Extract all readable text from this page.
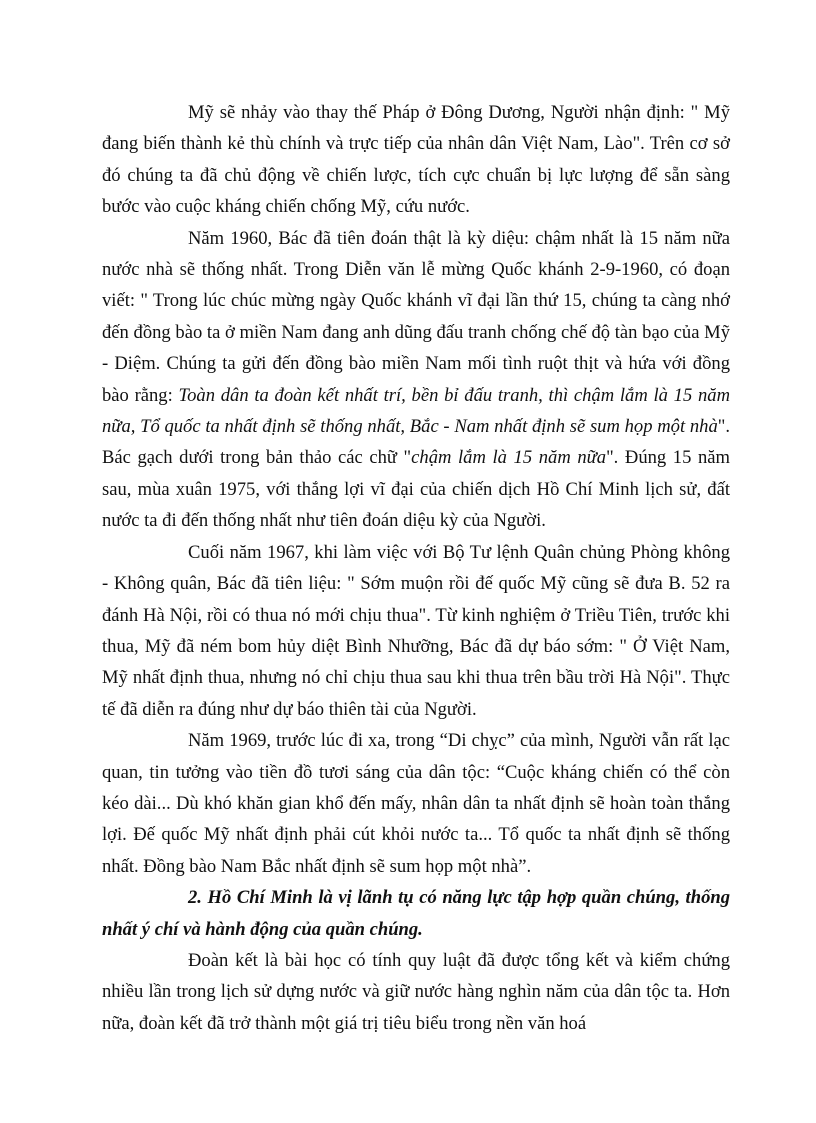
Mỹ sẽ nhảy vào thay thế Pháp ở Đông Dương, Người nhận định: " Mỹ đang biến thành kẻ thù chính và trực tiếp của nhân dân Việt Nam, Lào". Trên cơ sở đó chúng ta đã chủ động về chiến lược, tích cực chuẩn bị lực lượng để sẵn sàng bước vào cuộc kháng chiến chống Mỹ, cứu nước.

Năm 1960, Bác đã tiên đoán thật là kỳ diệu: chậm nhất là 15 năm nữa nước nhà sẽ thống nhất. Trong Diễn văn lễ mừng Quốc khánh 2-9-1960, có đoạn viết: " Trong lúc chúc mừng ngày Quốc khánh vĩ đại lần thứ 15, chúng ta càng nhớ đến đồng bào ta ở miền Nam đang anh dũng đấu tranh chống chế độ tàn bạo của Mỹ - Diệm. Chúng ta gửi đến đồng bào miền Nam mối tình ruột thịt và hứa với đồng bào rằng: Toàn dân ta đoàn kết nhất trí, bền bỉ đấu tranh, thì chậm lắm là 15 năm nữa, Tổ quốc ta nhất định sẽ thống nhất, Bắc - Nam nhất định sẽ sum họp một nhà". Bác gạch dưới trong bản thảo các chữ "chậm lắm là 15 năm nữa". Đúng 15 năm sau, mùa xuân 1975, với thắng lợi vĩ đại của chiến dịch Hồ Chí Minh lịch sử, đất nước ta đi đến thống nhất như tiên đoán diệu kỳ của Người.

Cuối năm 1967, khi làm việc với Bộ Tư lệnh Quân chủng Phòng không - Không quân, Bác đã tiên liệu: " Sớm muộn rồi đế quốc Mỹ cũng sẽ đưa B. 52 ra đánh Hà Nội, rồi có thua nó mới chịu thua". Từ kinh nghiệm ở Triều Tiên, trước khi thua, Mỹ đã ném bom hủy diệt Bình Nhưỡng, Bác đã dự báo sớm: " Ở Việt Nam, Mỹ nhất định thua, nhưng nó chỉ chịu thua sau khi thua trên bầu trời Hà Nội". Thực tế đã diễn ra đúng như dự báo thiên tài của Người.

Năm 1969, trước lúc đi xa, trong “Di chỵc” của mình, Người vẫn rất lạc quan, tin tưởng vào tiền đồ tươi sáng của dân tộc: “Cuộc kháng chiến có thể còn kéo dài... Dù khó khăn gian khổ đến mấy, nhân dân ta nhất định sẽ hoàn toàn thắng lợi. Đế quốc Mỹ nhất định phải cút khỏi nước ta... Tổ quốc ta nhất định sẽ thống nhất. Đồng bào Nam Bắc nhất định sẽ sum họp một nhà”.

2. Hồ Chí Minh là vị lãnh tụ có năng lực tập hợp quần chúng, thống nhất ý chí và hành động của quần chúng.

Đoàn kết là bài học có tính quy luật đã được tổng kết và kiểm chứng nhiều lần trong lịch sử dựng nước và giữ nước hàng nghìn năm của dân tộc ta. Hơn nữa, đoàn kết đã trở thành một giá trị tiêu biểu trong nền văn hoá
